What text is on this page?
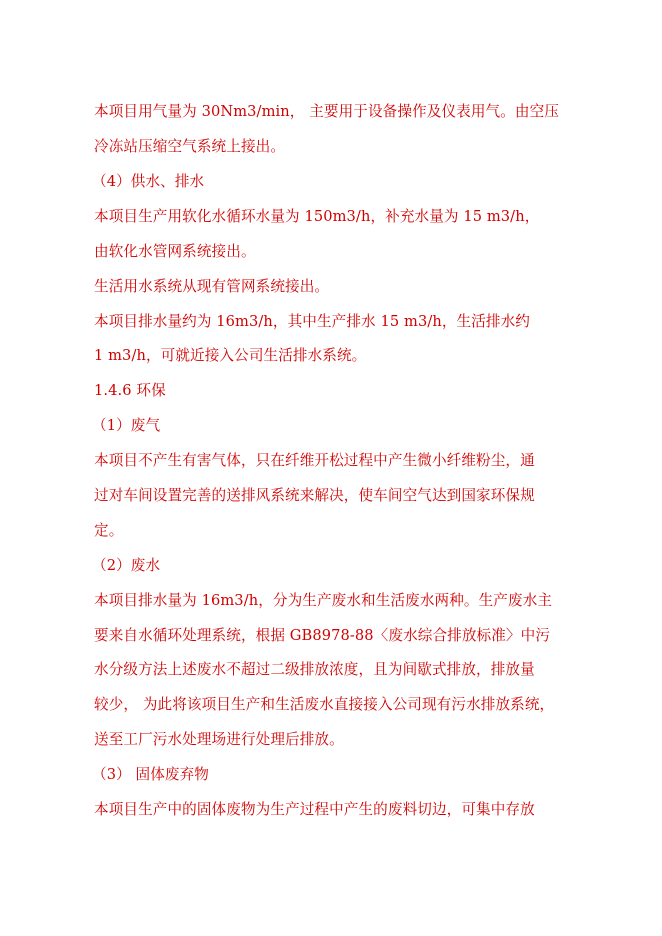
本项目用气量为 30Nm3/min， 主要用于设备操作及仪表用气。由空压
冷冻站压缩空气系统上接出。
（4）供水、排水
本项目生产用软化水循环水量为 150m3/h，补充水量为 15 m3/h，
由软化水管网系统接出。
生活用水系统从现有管网系统接出。
本项目排水量约为 16m3/h，其中生产排水 15 m3/h，生活排水约
1 m3/h，可就近接入公司生活排水系统。
1.4.6 环保
（1）废气
本项目不产生有害气体，只在纤维开松过程中产生微小纤维粉尘，通
过对车间设置完善的送排风系统来解决，使车间空气达到国家环保规
定。
（2）废水
本项目排水量为 16m3/h，分为生产废水和生活废水两种。生产废水主
要来自水循环处理系统，根据 GB8978-88〈废水综合排放标准〉中污
水分级方法上述废水不超过二级排放浓度，且为间歇式排放，排放量
较少， 为此将该项目生产和生活废水直接接入公司现有污水排放系统，
送至工厂污水处理场进行处理后排放。
（3） 固体废弃物
本项目生产中的固体废物为生产过程中产生的废料切边，可集中存放
